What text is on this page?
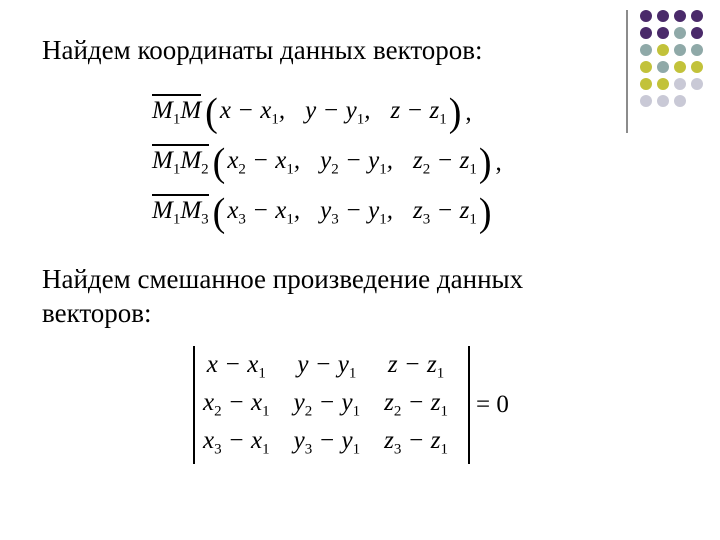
Найдем координаты данных векторов:
$M_1M$ ( $x - x_1$, $y - y_1$, $z - z_1$ ) ,
$M_1M_2$ ( $x_2 - x_1$, $y_2 - y_1$, $z_2 - z_1$ ) ,
$M_1M_3$ ( $x_3 - x_1$, $y_3 - y_1$, $z_3 - z_1$ )
Найдем смешанное произведение данных векторов:
$x - x_1$	$y - y_1$	$z - z_1$
$x_2 - x_1$	$y_2 - y_1$	$z_2 - z_1$
$x_3 - x_1$	$y_3 - y_1$	$z_3 - z_1$
= 0
